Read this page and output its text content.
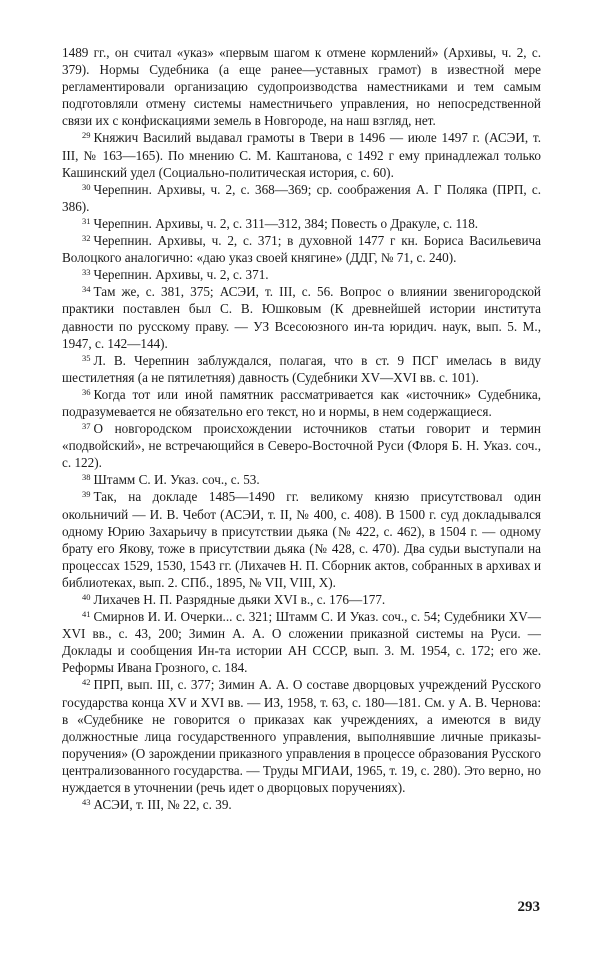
1489 гг., он считал «указ» «первым шагом к отмене кормлений» (Архивы, ч. 2, с. 379). Нормы Судебника (а еще ранее—уставных грамот) в известной мере регламентировали организацию судопроизводства наместниками и тем самым подготовляли отмену системы наместничьего управления, но непосредственной связи их с конфискациями земель в Новгороде, на наш взгляд, нет.

$^{29}$ Княжич Василий выдавал грамоты в Твери в 1496 — июле 1497 г. (АСЭИ, т. III, № 163—165). По мнению С. М. Каштанова, с 1492 г ему принадлежал только Кашинский удел (Социально-политическая история, с. 60).

$^{30}$ Черепнин. Архивы, ч. 2, с. 368—369; ср. соображения А. Г Поляка (ПРП, с. 386).

$^{31}$ Черепнин. Архивы, ч. 2, с. 311—312, 384; Повесть о Дракуле, с. 118.

$^{32}$ Черепнин. Архивы, ч. 2, с. 371; в духовной 1477 г кн. Бориса Васильевича Волоцкого аналогично: «даю указ своей княгине» (ДДГ, № 71, с. 240).

$^{33}$ Черепнин. Архивы, ч. 2, с. 371.

$^{34}$ Там же, с. 381, 375; АСЭИ, т. III, с. 56. Вопрос о влиянии звенигородской практики поставлен был С. В. Юшковым (К древнейшей истории института давности по русскому праву. — УЗ Всесоюзного ин-та юридич. наук, вып. 5. М., 1947, с. 142—144).

$^{35}$ Л. В. Черепнин заблуждался, полагая, что в ст. 9 ПСГ имелась в виду шестилетняя (а не пятилетняя) давность (Судебники XV—XVI вв. с. 101).

$^{36}$ Когда тот или иной памятник рассматривается как «источник» Судебника, подразумевается не обязательно его текст, но и нормы, в нем содержащиеся.

$^{37}$ О новгородском происхождении источников статьи говорит и термин «подвойский», не встречающийся в Северо-Восточной Руси (Флоря Б. Н. Указ. соч., с. 122).

$^{38}$ Штамм С. И. Указ. соч., с. 53.

$^{39}$ Так, на докладе 1485—1490 гг. великому князю присутствовал один окольничий — И. В. Чебот (АСЭИ, т. II, № 400, с. 408). В 1500 г. суд докладывался одному Юрию Захарьичу в присутствии дьяка (№ 422, с. 462), в 1504 г. — одному брату его Якову, тоже в присутствии дьяка (№ 428, с. 470). Два судьи выступали на процессах 1529, 1530, 1543 гг. (Лихачев Н. П. Сборник актов, собранных в архивах и библиотеках, вып. 2. СПб., 1895, № VII, VIII, X).

$^{40}$ Лихачев Н. П. Разрядные дьяки XVI в., с. 176—177.

$^{41}$ Смирнов И. И. Очерки... с. 321; Штамм С. И Указ. соч., с. 54; Судебники XV—XVI вв., с. 43, 200; Зимин А. А. О сложении приказной системы на Руси. — Доклады и сообщения Ин-та истории АН СССР, вып. 3. М. 1954, с. 172; его же. Реформы Ивана Грозного, с. 184.

$^{42}$ ПРП, вып. III, с. 377; Зимин А. А. О составе дворцовых учреждений Русского государства конца XV и XVI вв. — ИЗ, 1958, т. 63, с. 180—181. См. у А. В. Чернова: в «Судебнике не говорится о приказах как учреждениях, а имеются в виду должностные лица государственного управления, выполнявшие личные приказы-поручения» (О зарождении приказного управления в процессе образования Русского централизованного государства. — Труды МГИАИ, 1965, т. 19, с. 280). Это верно, но нуждается в уточнении (речь идет о дворцовых поручениях).

$^{43}$ АСЭИ, т. III, № 22, с. 39.

293
